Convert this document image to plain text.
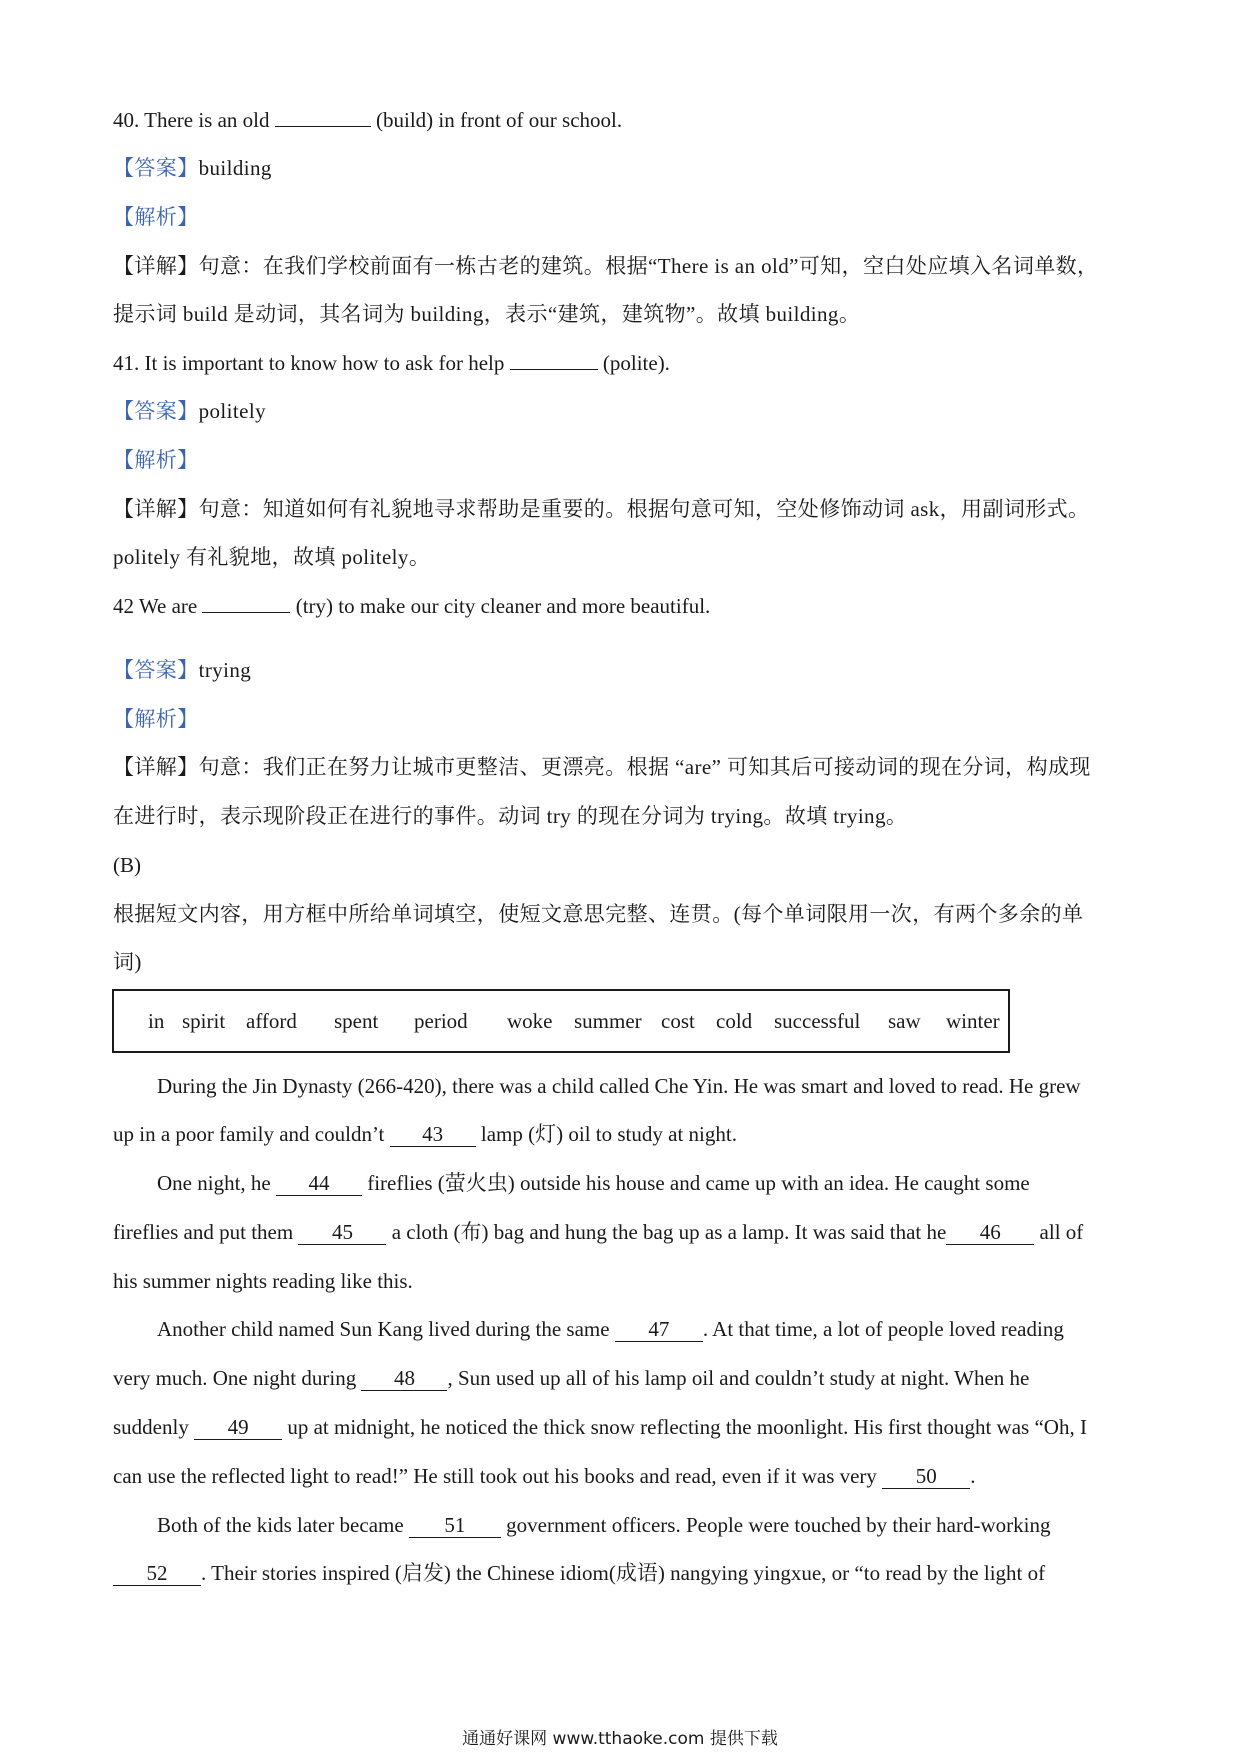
40. There is an old	(build) in front of our school.
【答案】building
【解析】
【详解】句意：在我们学校前面有一栋古老的建筑。根据“There is an old”可知，空白处应填入名词单数，
提示词 build 是动词，其名词为 building，表示“建筑，建筑物”。故填 building。
41. It is important to know how to ask for help	(polite).
【答案】politely
【解析】
【详解】句意：知道如何有礼貌地寻求帮助是重要的。根据句意可知，空处修饰动词 ask，用副词形式。
politely 有礼貌地，故填 politely。
42 We are	(try) to make our city cleaner and more beautiful.
【答案】trying
【解析】
【详解】句意：我们正在努力让城市更整洁、更漂亮。根据 “are” 可知其后可接动词的现在分词，构成现
在进行时，表示现阶段正在进行的事件。动词 try 的现在分词为 trying。故填 trying。
(B)
根据短文内容，用方框中所给单词填空，使短文意思完整、连贯。(每个单词限用一次，有两个多余的单
词)
in spirit afford spent period woke summer cost cold successful saw winter
During the Jin Dynasty (266-420), there was a child called Che Yin. He was smart and loved to read. He grew
up in a poor family and couldn’t 43 lamp (灯) oil to study at night.
One night, he 44 fireflies (萤火虫) outside his house and came up with an idea. He caught some
fireflies and put them 45 a cloth (布) bag and hung the bag up as a lamp. It was said that he 46 all of
his summer nights reading like this.
Another child named Sun Kang lived during the same 47 . At that time, a lot of people loved reading
very much. One night during 48 , Sun used up all of his lamp oil and couldn’t study at night. When he
suddenly 49 up at midnight, he noticed the thick snow reflecting the moonlight. His first thought was “Oh, I
can use the reflected light to read!” He still took out his books and read, even if it was very 50 .
Both of the kids later became 51 government officers. People were touched by their hard-working
52 . Their stories inspired (启发) the Chinese idiom(成语) nangying yingxue, or “to read by the light of
通通好课网 www.tthaoke.com 提供下载
